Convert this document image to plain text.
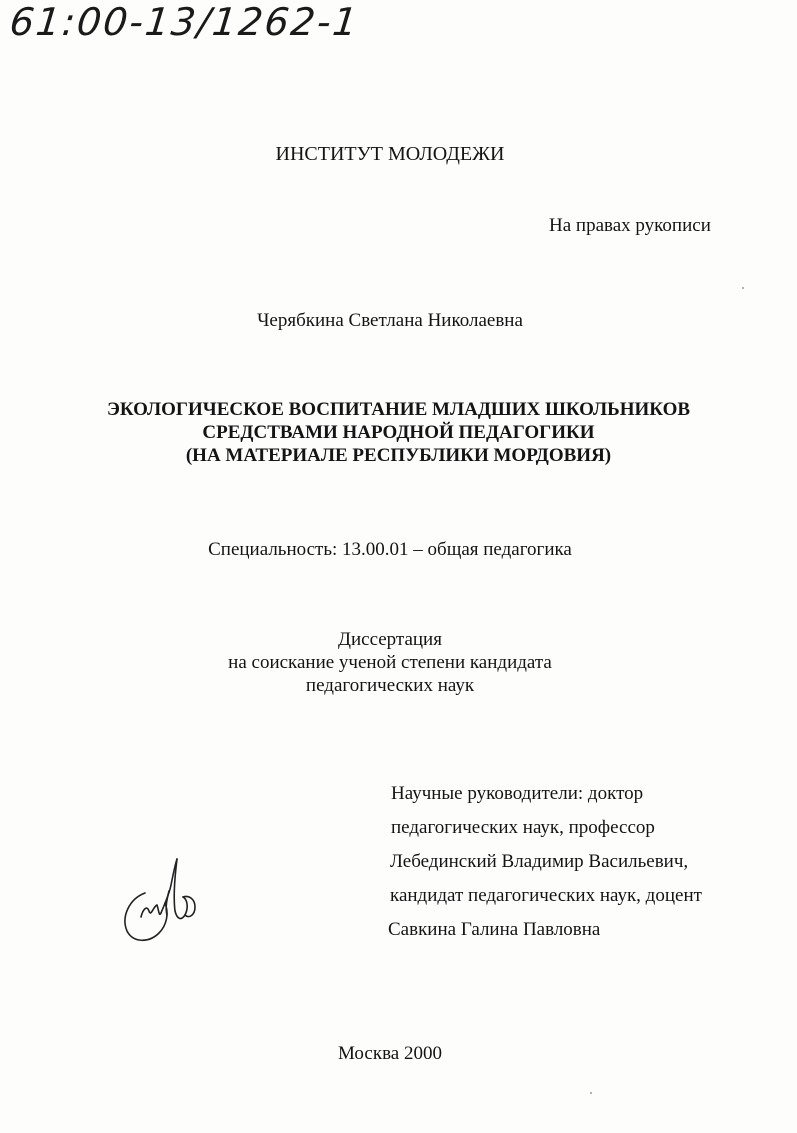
61:00-13/1262-1
ИНСТИТУТ МОЛОДЕЖИ
На правах рукописи
Черябкина Светлана Николаевна
ЭКОЛОГИЧЕСКОЕ ВОСПИТАНИЕ МЛАДШИХ ШКОЛЬНИКОВ
СРЕДСТВАМИ НАРОДНОЙ ПЕДАГОГИКИ
(НА МАТЕРИАЛЕ РЕСПУБЛИКИ МОРДОВИЯ)
Специальность: 13.00.01 – общая педагогика
Диссертация
на соискание ученой степени кандидата
педагогических наук
Научные руководители: доктор
педагогических наук, профессор
Лебединский Владимир Васильевич,
кандидат педагогических наук, доцент
Савкина Галина Павловна
Москва 2000
